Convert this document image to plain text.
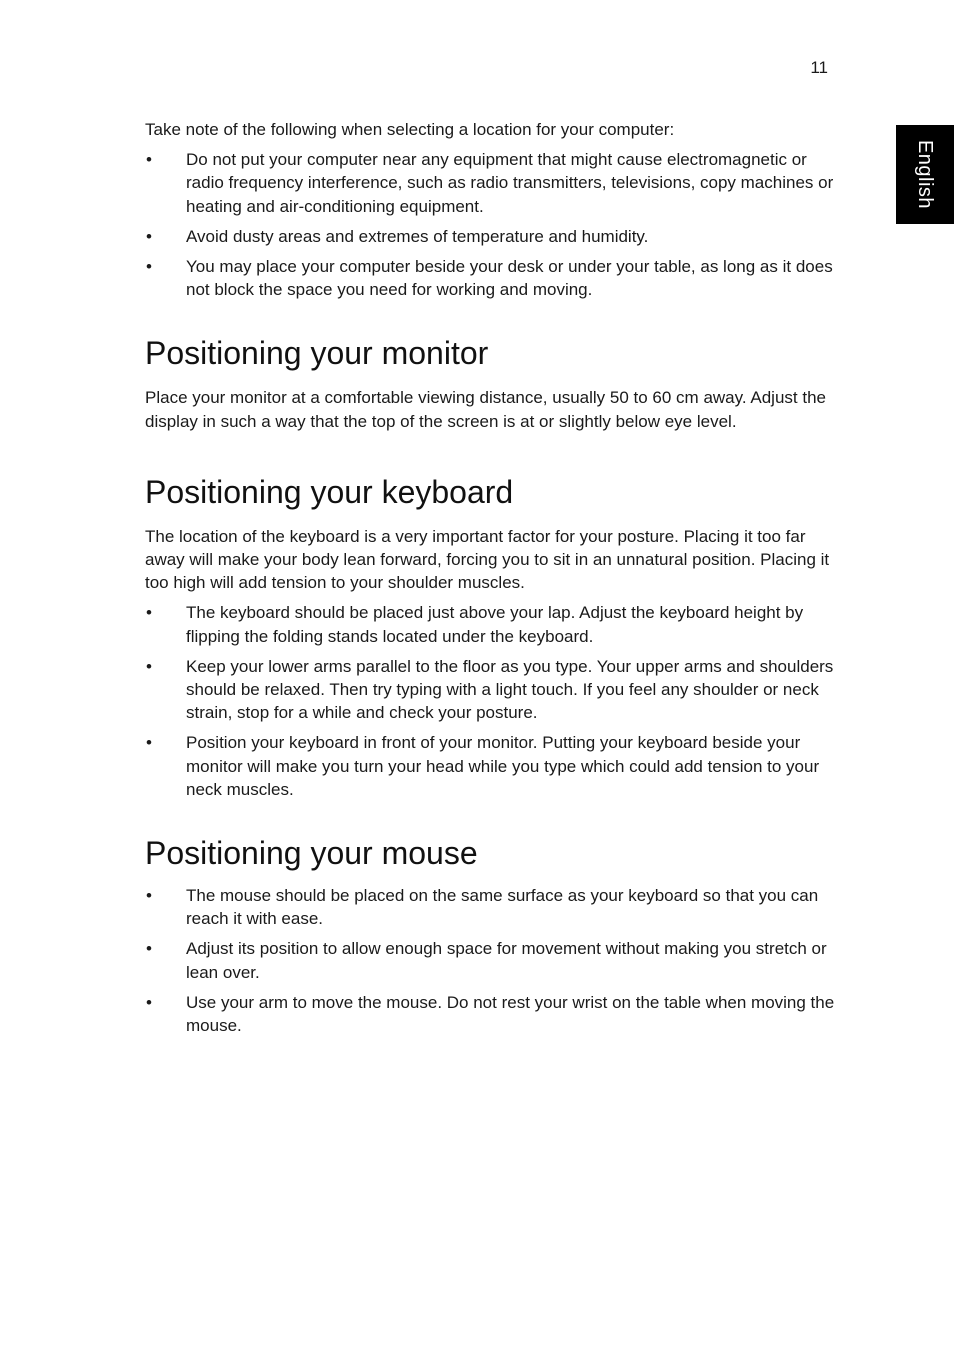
11
English

Take note of the following when selecting a location for your computer:

• Do not put your computer near any equipment that might cause electromagnetic or radio frequency interference, such as radio transmitters, televisions, copy machines or heating and air-conditioning equipment.
• Avoid dusty areas and extremes of temperature and humidity.
• You may place your computer beside your desk or under your table, as long as it does not block the space you need for working and moving.
Positioning your monitor

Place your monitor at a comfortable viewing distance, usually 50 to 60 cm away. Adjust the display in such a way that the top of the screen is at or slightly below eye level.

Positioning your keyboard

The location of the keyboard is a very important factor for your posture. Placing it too far away will make your body lean forward, forcing you to sit in an unnatural position. Placing it too high will add tension to your shoulder muscles.

• The keyboard should be placed just above your lap. Adjust the keyboard height by flipping the folding stands located under the keyboard.
• Keep your lower arms parallel to the floor as you type. Your upper arms and shoulders should be relaxed. Then try typing with a light touch. If you feel any shoulder or neck strain, stop for a while and check your posture.
• Position your keyboard in front of your monitor. Putting your keyboard beside your monitor will make you turn your head while you type which could add tension to your neck muscles.
Positioning your mouse
• The mouse should be placed on the same surface as your keyboard so that you can reach it with ease.
• Adjust its position to allow enough space for movement without making you stretch or lean over.
• Use your arm to move the mouse. Do not rest your wrist on the table when moving the mouse.
